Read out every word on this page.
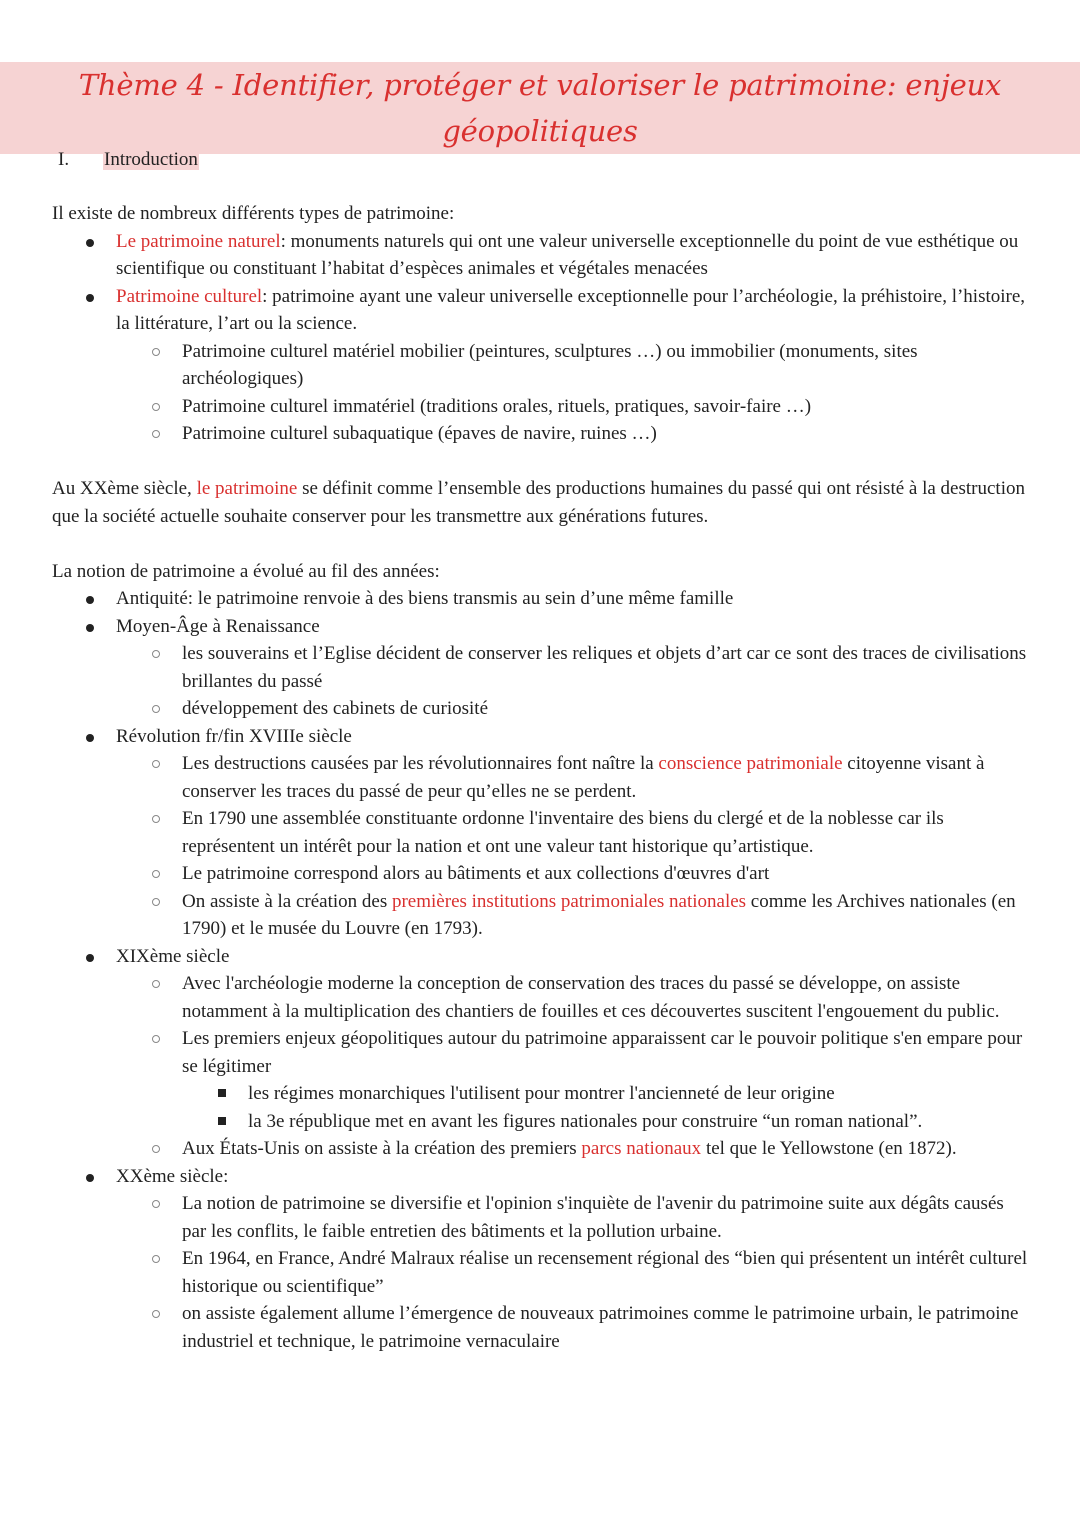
Thème 4 - Identifier, protéger et valoriser le patrimoine: enjeux géopolitiques
I. Introduction

Il existe de nombreux différents types de patrimoine:

Le patrimoine naturel: monuments naturels qui ont une valeur universelle exceptionnelle du point de vue esthétique ou scientifique ou constituant l’habitat d’espèces animales et végétales menacées
Patrimoine culturel: patrimoine ayant une valeur universelle exceptionnelle pour l’archéologie, la préhistoire, l’histoire, la littérature, l’art ou la science.
Patrimoine culturel matériel mobilier (peintures, sculptures …) ou immobilier (monuments, sites archéologiques)
Patrimoine culturel immatériel (traditions orales, rituels, pratiques, savoir-faire …)
Patrimoine culturel subaquatique (épaves de navire, ruines …)

Au XXème siècle, le patrimoine se définit comme l’ensemble des productions humaines du passé qui ont résisté à la destruction que la société actuelle souhaite conserver pour les transmettre aux générations futures.

La notion de patrimoine a évolué au fil des années:

Antiquité: le patrimoine renvoie à des biens transmis au sein d’une même famille
Moyen-Âge à Renaissance
les souverains et l’Eglise décident de conserver les reliques et objets d’art car ce sont des traces de civilisations brillantes du passé
développement des cabinets de curiosité
Révolution fr/fin XVIIIe siècle
Les destructions causées par les révolutionnaires font naître la conscience patrimoniale citoyenne visant à conserver les traces du passé de peur qu’elles ne se perdent.
En 1790 une assemblée constituante ordonne l'inventaire des biens du clergé et de la noblesse car ils représentent un intérêt pour la nation et ont une valeur tant historique qu’artistique.
Le patrimoine correspond alors au bâtiments et aux collections d'œuvres d'art
On assiste à la création des premières institutions patrimoniales nationales comme les Archives nationales (en 1790) et le musée du Louvre (en 1793).
XIXème siècle
Avec l'archéologie moderne la conception de conservation des traces du passé se développe, on assiste notamment à la multiplication des chantiers de fouilles et ces découvertes suscitent l'engouement du public.
Les premiers enjeux géopolitiques autour du patrimoine apparaissent car le pouvoir politique s'en empare pour se légitimer
les régimes monarchiques l'utilisent pour montrer l'ancienneté de leur origine
la 3e république met en avant les figures nationales pour construire “un roman national”.
Aux États-Unis on assiste à la création des premiers parcs nationaux tel que le Yellowstone (en 1872).
XXème siècle:
La notion de patrimoine se diversifie et l'opinion s'inquiète de l'avenir du patrimoine suite aux dégâts causés par les conflits, le faible entretien des bâtiments et la pollution urbaine.
En 1964, en France, André Malraux réalise un recensement régional des “bien qui présentent un intérêt culturel historique ou scientifique”
on assiste également allume l’émergence de nouveaux patrimoines comme le patrimoine urbain, le patrimoine industriel et technique, le patrimoine vernaculaire
